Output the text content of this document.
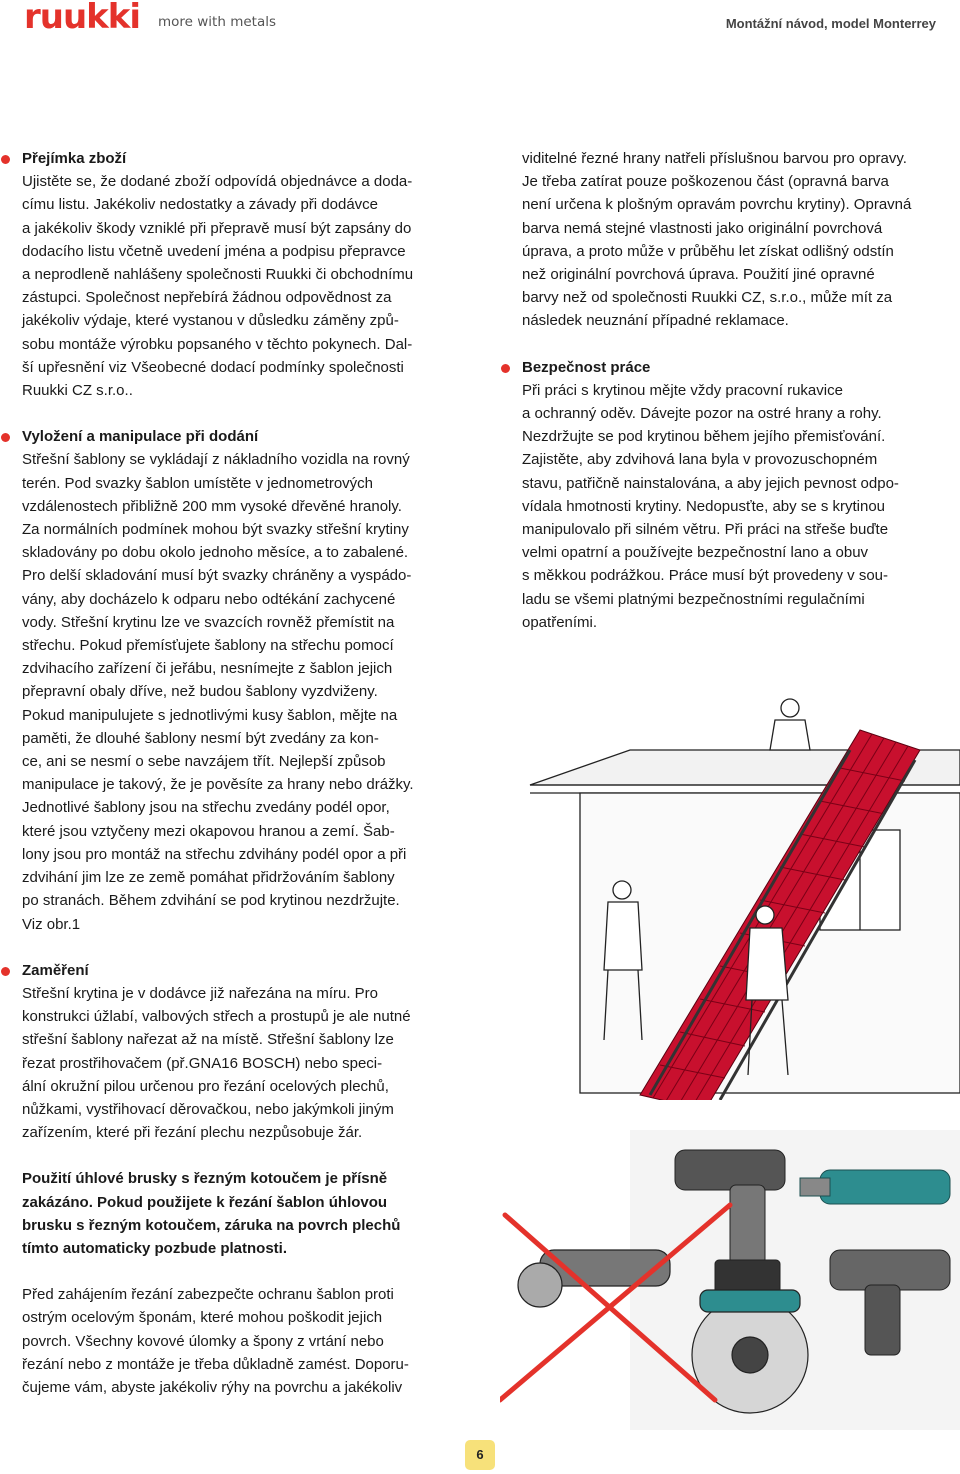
ruukki more with metals	Montážní návod, model Monterrey
Přejímka zboží
Ujistěte se, že dodané zboží odpovídá objednávce a doda-
címu listu. Jakékoliv nedostatky a závady při dodávce
a jakékoliv škody vzniklé při přepravě musí být zapsány do
dodacího listu včetně uvedení jména a podpisu přepravce
a neprodleně nahlášeny společnosti Ruukki či obchodnímu
zástupci. Společnost nepřebírá žádnou odpovědnost za
jakékoliv výdaje, které vystanou v důsledku záměny způ-
sobu montáže výrobku popsaného v těchto pokynech. Dal-
ší upřesnění viz Všeobecné dodací podmínky společnosti
Ruukki CZ s.r.o..
Vyložení a manipulace při dodání
Střešní šablony se vykládají z nákladního vozidla na rovný
terén. Pod svazky šablon umístěte v jednometrových
vzdálenostech přibližně 200 mm vysoké dřevěné hranoly.
Za normálních podmínek mohou být svazky střešní krytiny
skladovány po dobu okolo jednoho měsíce, a to zabalené.
Pro delší skladování musí být svazky chráněny a vyspádo-
vány, aby docházelo k odparu nebo odtékání zachycené
vody. Střešní krytinu lze ve svazcích rovněž přemístit na
střechu. Pokud přemísťujete šablony na střechu pomocí
zdvihacího zařízení či jeřábu, nesnímejte z šablon jejich
přepravní obaly dříve, než budou šablony vyzdviženy.
Pokud manipulujete s jednotlivými kusy šablon, mějte na
paměti, že dlouhé šablony nesmí být zvedány za kon-
ce, ani se nesmí o sebe navzájem třít. Nejlepší způsob
manipulace je takový, že je pověsíte za hrany nebo drážky.
Jednotlivé šablony jsou na střechu zvedány podél opor,
které jsou vztyčeny mezi okapovou hranou a zemí. Šab-
lony jsou pro montáž na střechu zdvihány podél opor a při
zdvihání jim lze ze země pomáhat přidržováním šablony
po stranách. Během zdvihání se pod krytinou nezdržujte.
Viz obr.1
Zaměření
Střešní krytina je v dodávce již nařezána na míru. Pro
konstrukci úžlabí, valbových střech a prostupů je ale nutné
střešní šablony nařezat až na místě. Střešní šablony lze
řezat prostřihovačem (př.GNA16 BOSCH) nebo speci-
ální okružní pilou určenou pro řezání ocelových plechů,
nůžkami, vystřihovací děrovačkou, nebo jakýmkoli jiným
zařízením, které při řezání plechu nezpůsobuje žár.
Použití úhlové brusky s řezným kotoučem je přísně
zakázáno. Pokud použijete k řezání šablon úhlovou
brusku s řezným kotoučem, záruka na povrch plechů
tímto automaticky pozbude platnosti.
Před zahájením řezání zabezpečte ochranu šablon proti
ostrým ocelovým šponám, které mohou poškodit jejich
povrch. Všechny kovové úlomky a špony z vrtání nebo
řezání nebo z montáže je třeba důkladně zamést. Doporu-
čujeme vám, abyste jakékoliv rýhy na povrchu a jakékoliv
viditelné řezné hrany natřeli příslušnou barvou pro opravy.
Je třeba zatírat pouze poškozenou část (opravná barva
není určena k plošným opravám povrchu krytiny). Opravná
barva nemá stejné vlastnosti jako originální povrchová
úprava, a proto může v průběhu let získat odlišný odstín
než originální povrchová úprava. Použití jiné opravné
barvy než od společnosti Ruukki CZ, s.r.o., může mít za
následek neuznání případné reklamace.
Bezpečnost práce
Při práci s krytinou mějte vždy pracovní rukavice
a ochranný oděv. Dávejte pozor na ostré hrany a rohy.
Nezdržujte se pod krytinou během jejího přemisťování.
Zajistěte, aby zdvihová lana byla v provozuschopném
stavu, patřičně nainstalována, a aby jejich pevnost odpo-
vídala hmotnosti krytiny. Nedopusťte, aby se s krytinou
manipulovalo při silném větru. Při práci na střeše buďte
velmi opatrní a používejte bezpečnostní lano a obuv
s měkkou podrážkou. Práce musí být provedeny v sou-
ladu se všemi platnými bezpečnostními regulačními
opatřeními.
6
